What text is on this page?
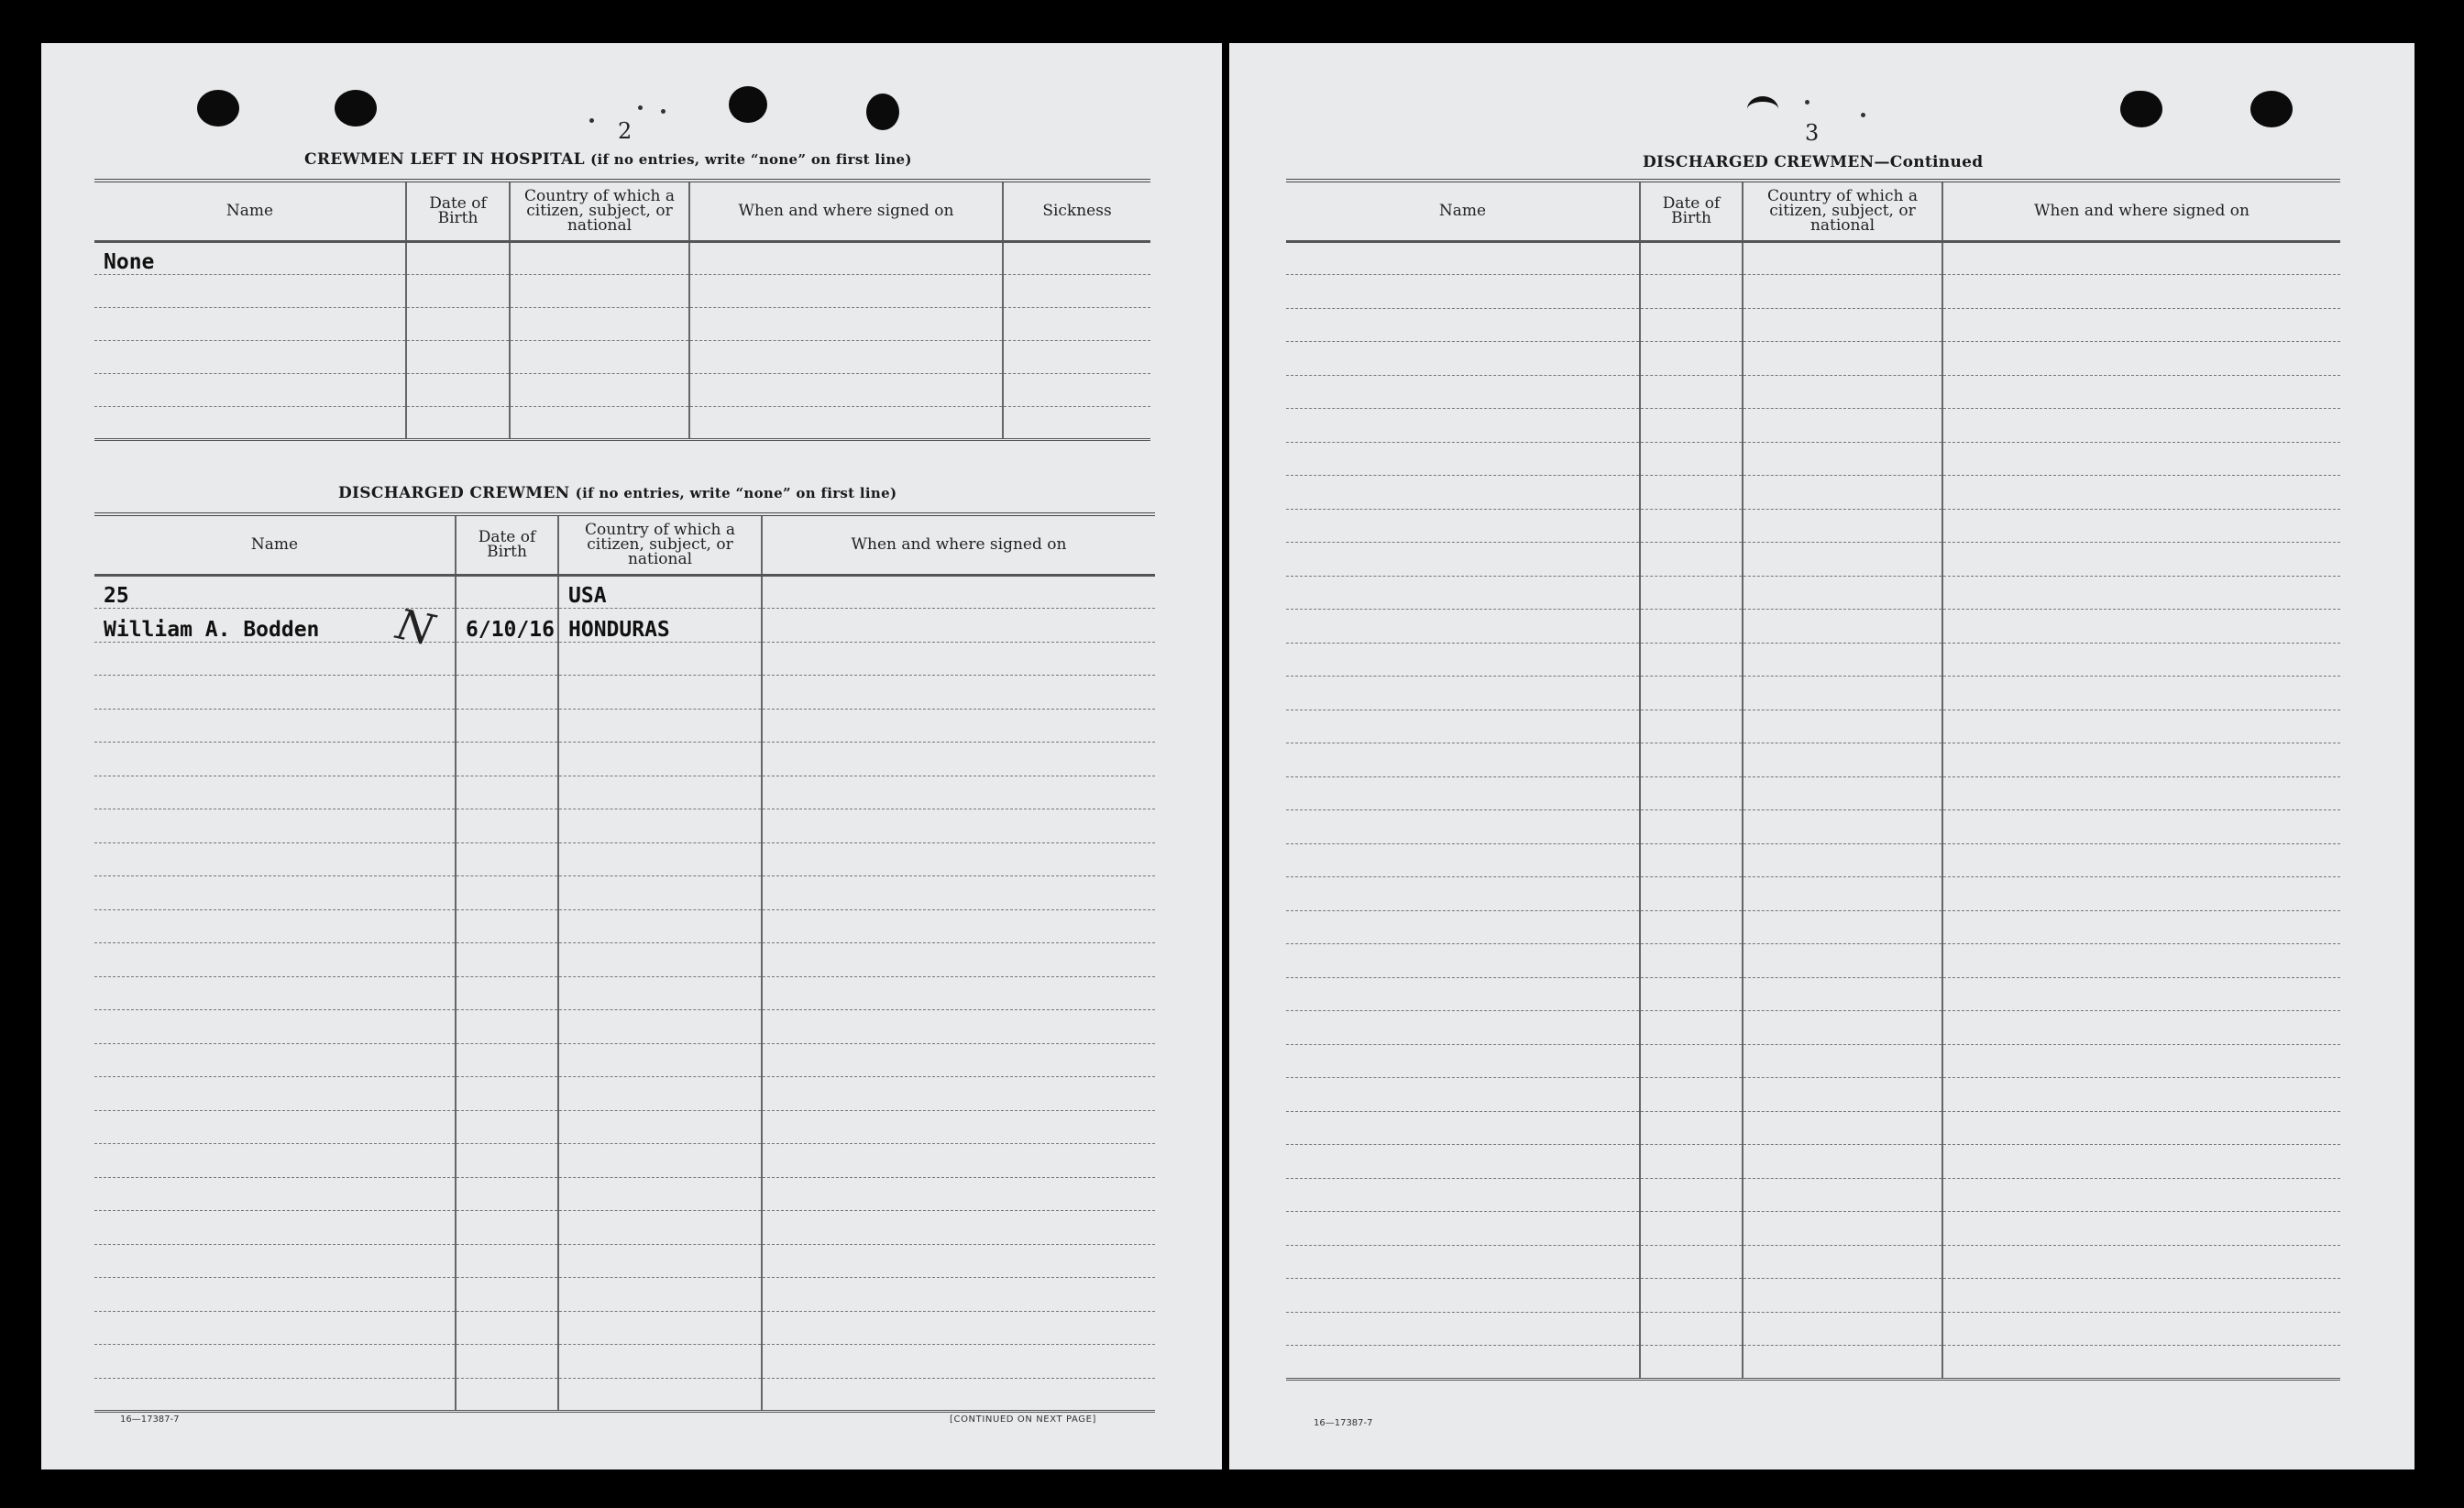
2
CREWMEN LEFT IN HOSPITAL (if no entries, write “none” on first line)
Name	Date of Birth	Country of which a citizen, subject, or national	When and where signed on	Sickness
None				

DISCHARGED CREWMEN (if no entries, write “none” on first line)
Name	Date of Birth	Country of which a citizen, subject, or national	When and where signed on
25		USA	
William A. Bodden	6/10/16	HONDURAS	

N
16—17387-7	[CONTINUED ON NEXT PAGE]
3
DISCHARGED CREWMEN—Continued
Name	Date of Birth	Country of which a citizen, subject, or national	When and where signed on

16—17387-7
